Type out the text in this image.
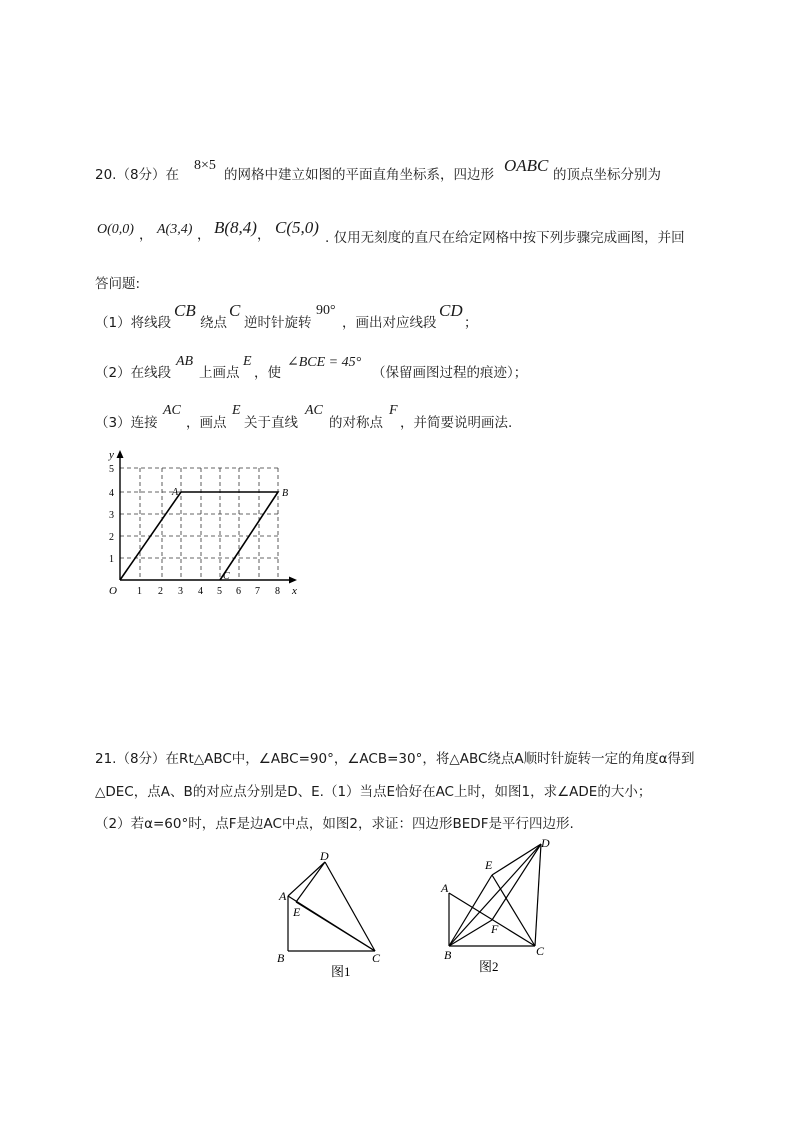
20.（8分）在
8×5
的网格中建立如图的平面直角坐标系，四边形 OABC 的顶点坐标分别为
O(0,0) ， A(3,4) ， B(8,4) ， C(5,0)
. 仅用无刻度的直尺在给定网格中按下列步骤完成画图，并回
答问题:
（1）将线段
CB
绕点
C
逆时针旋转
90°
，画出对应线段
CD
；
（2）在线段
AB
上画点
E
，使
∠BCE = 45°
（保留画图过程的痕迹）；
（3）连接
AC
，画点
E
关于直线
AC
的对称点
F
，并简要说明画法.
x
y
O 1 2 3 4 5 6 7 8
1
2
3
4
5
A	B
C
21.（8分）在Rt△ABC中，∠ABC=90°，∠ACB=30°，将△ABC绕点A顺时针旋转一定的角度α得到
△DEC，点A、B的对应点分别是D、E.（1）当点E恰好在AC上时，如图1，求∠ADE的大小；
（2）若α=60°时，点F是边AC中点，如图2，求证：四边形BEDF是平行四边形.
A
B	C
D
E
图1
A
B	C
D
E
F
图2
